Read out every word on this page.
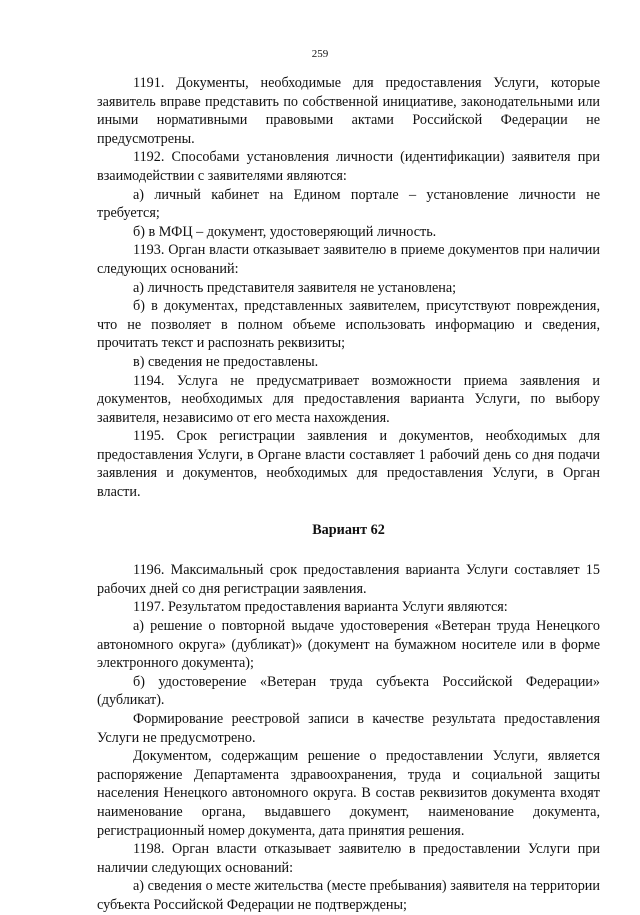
259

1191. Документы, необходимые для предоставления Услуги, которые заявитель вправе представить по собственной инициативе, законодательными или иными нормативными правовыми актами Российской Федерации не предусмотрены.

1192. Способами установления личности (идентификации) заявителя при взаимодействии с заявителями являются:

а) личный кабинет на Едином портале – установление личности не требуется;

б) в МФЦ – документ, удостоверяющий личность.

1193. Орган власти отказывает заявителю в приеме документов при наличии следующих оснований:

а) личность представителя заявителя не установлена;

б) в документах, представленных заявителем, присутствуют повреждения, что не позволяет в полном объеме использовать информацию и сведения, прочитать текст и распознать реквизиты;

в) сведения не предоставлены.

1194. Услуга не предусматривает возможности приема заявления и документов, необходимых для предоставления варианта Услуги, по выбору заявителя, независимо от его места нахождения.

1195. Срок регистрации заявления и документов, необходимых для предоставления Услуги, в Органе власти составляет 1 рабочий день со дня подачи заявления и документов, необходимых для предоставления Услуги, в Орган власти.

Вариант 62

1196. Максимальный срок предоставления варианта Услуги составляет 15 рабочих дней со дня регистрации заявления.

1197. Результатом предоставления варианта Услуги являются:

а) решение о повторной выдаче удостоверения «Ветеран труда Ненецкого автономного округа» (дубликат)» (документ на бумажном носителе или в форме электронного документа);

б) удостоверение «Ветеран труда субъекта Российской Федерации» (дубликат).

Формирование реестровой записи в качестве результата предоставления Услуги не предусмотрено.

Документом, содержащим решение о предоставлении Услуги, является распоряжение Департамента здравоохранения, труда и социальной защиты населения Ненецкого автономного округа. В состав реквизитов документа входят наименование органа, выдавшего документ, наименование документа, регистрационный номер документа, дата принятия решения.

1198. Орган власти отказывает заявителю в предоставлении Услуги при наличии следующих оснований:

а) сведения о месте жительства (месте пребывания) заявителя на территории субъекта Российской Федерации не подтверждены;
